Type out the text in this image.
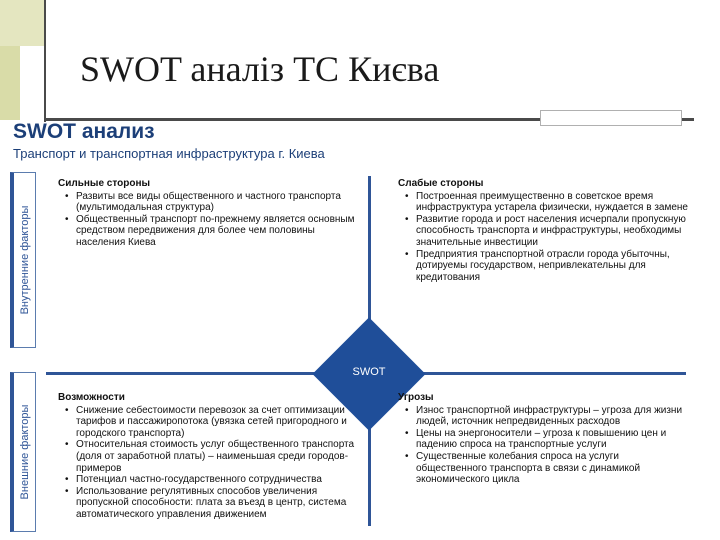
SWOT аналіз ТС Києва
SWOT анализ
Транспорт и транспортная инфраструктура г. Киева
Внутренние факторы
Внешние факторы
SWOT
Сильные стороны
• Развиты все виды общественного и частного транспорта (мультимодальная структура)
• Общественный транспорт по-прежнему является основным средством передвижения для более чем половины населения Киева
Слабые стороны
• Построенная преимущественно в советское время инфраструктура устарела физически, нуждается в замене
• Развитие города и рост населения исчерпали пропускную способность транспорта и инфраструктуры, необходимы значительные инвестиции
• Предприятия транспортной отрасли города убыточны, дотируемы государством, непривлекательны для кредитования
Возможности
• Снижение себестоимости перевозок за счет оптимизации тарифов и пассажиропотока (увязка сетей пригородного и городского транспорта)
• Относительная стоимость услуг общественного транспорта (доля от заработной платы) – наименьшая среди городов-примеров
• Потенциал частно-государственного сотрудничества
• Использование регулятивных способов увеличения пропускной способности: плата за въезд в центр, система автоматического управления движением
Угрозы
• Износ транспортной инфраструктуры – угроза для жизни людей, источник непредвиденных расходов
• Цены на энергоносители – угроза к повышению цен и падению спроса на транспортные услуги
• Существенные колебания спроса на услуги общественного транспорта в связи с динамикой экономического цикла
